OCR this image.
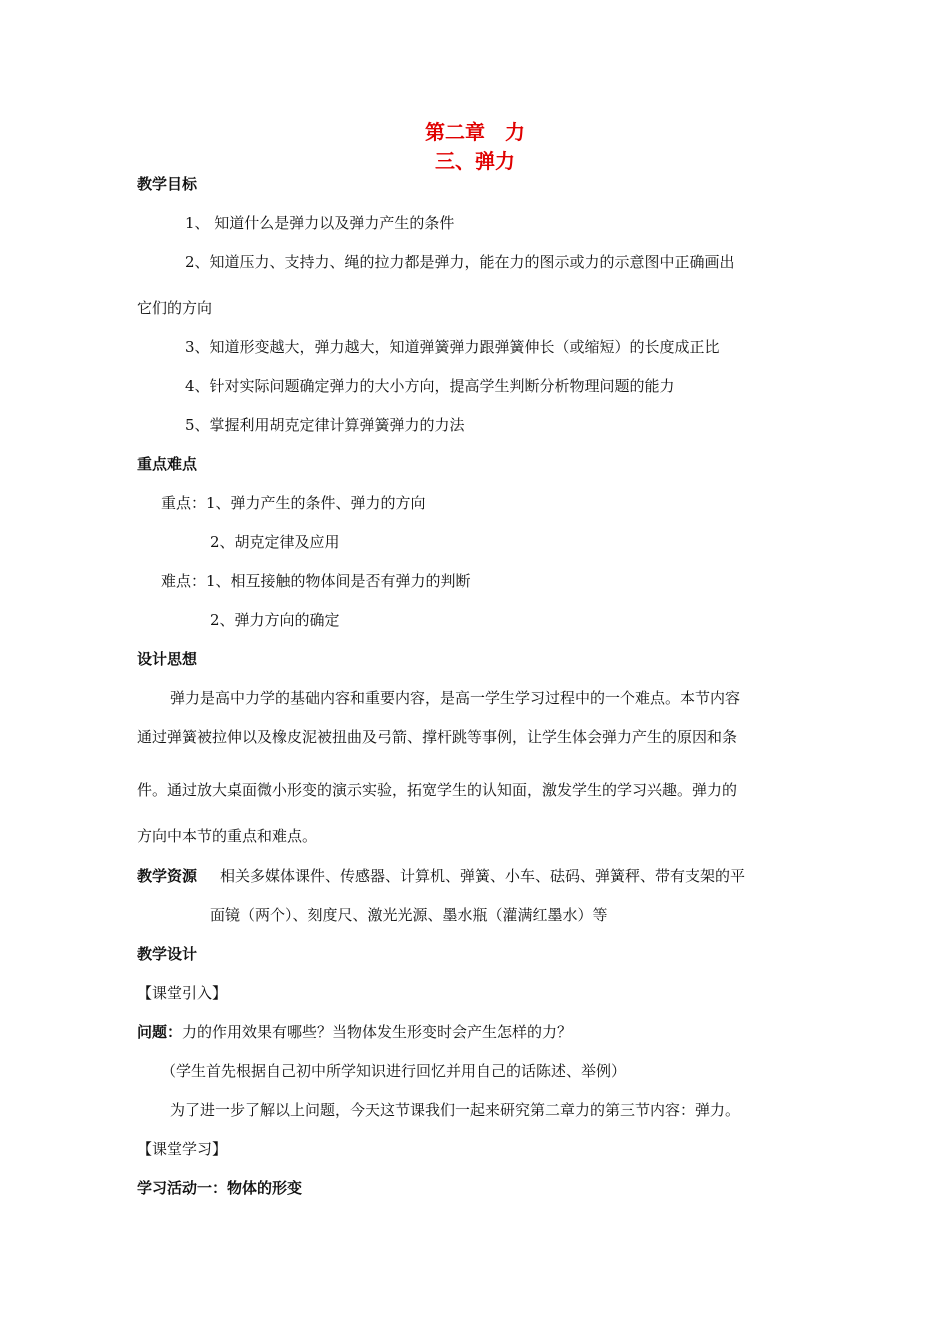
第二章　力
三、弹力
教学目标
1、 知道什么是弹力以及弹力产生的条件
2、知道压力、支持力、绳的拉力都是弹力，能在力的图示或力的示意图中正确画出
它们的方向
3、知道形变越大，弹力越大，知道弹簧弹力跟弹簧伸长（或缩短）的长度成正比
4、针对实际问题确定弹力的大小方向，提高学生判断分析物理问题的能力
5、掌握利用胡克定律计算弹簧弹力的力法
重点难点
重点：1、弹力产生的条件、弹力的方向
2、胡克定律及应用
难点：1、相互接触的物体间是否有弹力的判断
2、弹力方向的确定
设计思想
弹力是高中力学的基础内容和重要内容，是高一学生学习过程中的一个难点。本节内容
通过弹簧被拉伸以及橡皮泥被扭曲及弓箭、撑杆跳等事例，让学生体会弹力产生的原因和条
件。通过放大桌面微小形变的演示实验，拓宽学生的认知面，激发学生的学习兴趣。弹力的
方向中本节的重点和难点。
教学资源 相关多媒体课件、传感器、计算机、弹簧、小车、砝码、弹簧秤、带有支架的平
面镜（两个）、刻度尺、激光光源、墨水瓶（灌满红墨水）等
教学设计
【课堂引入】
问题：力的作用效果有哪些？当物体发生形变时会产生怎样的力？
（学生首先根据自己初中所学知识进行回忆并用自己的话陈述、举例）
为了进一步了解以上问题，今天这节课我们一起来研究第二章力的第三节内容：弹力。
【课堂学习】
学习活动一：物体的形变
